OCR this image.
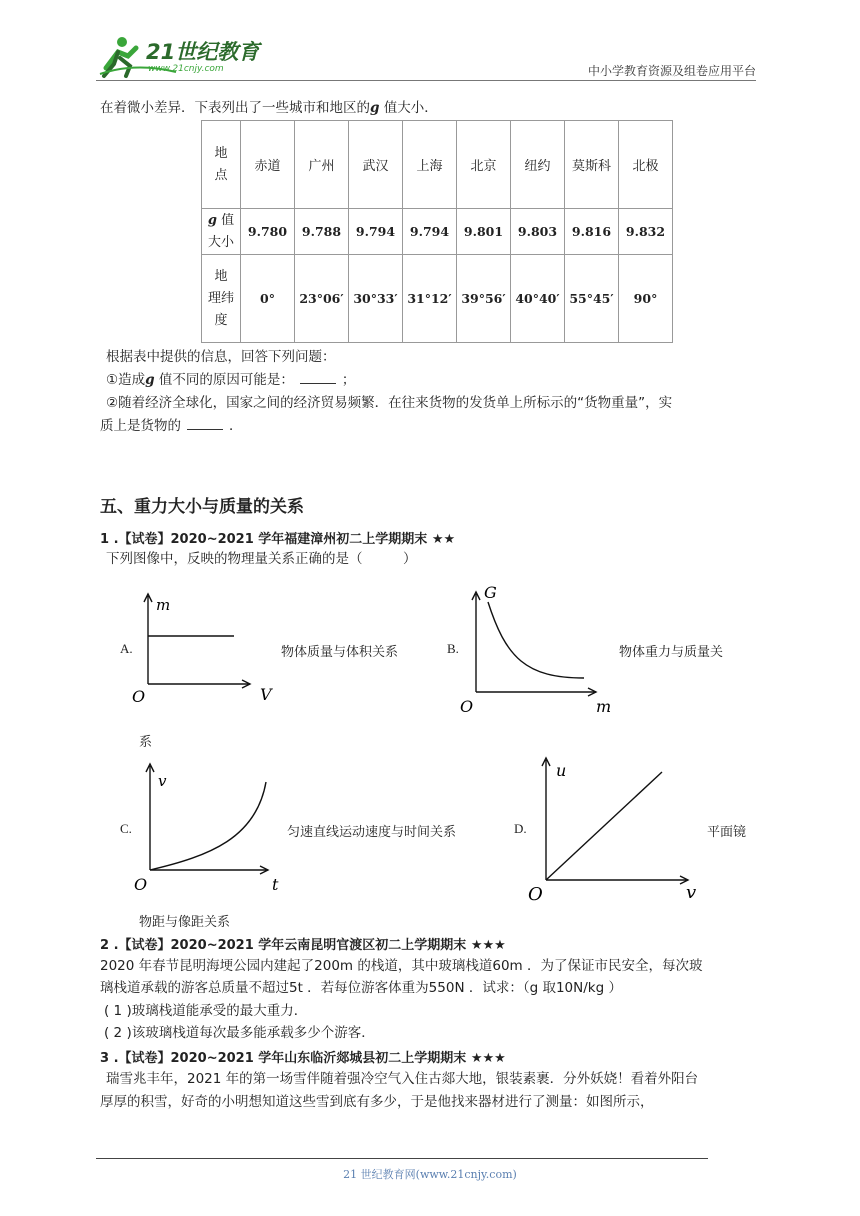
21世纪教育
www.21cnjy.com	中小学教育资源及组卷应用平台
在着微小差异．下表列出了一些城市和地区的g 值大小．
地
点	赤道	广州	武汉	上海	北京	纽约	莫斯科	北极
g 值
大小	9.780	9.788	9.794	9.794	9.801	9.803	9.816	9.832
地
理纬
度	0°	23°06′	30°33′	31°12′	39°56′	40°40′	55°45′	90°
根据表中提供的信息，回答下列问题：
①造成g 值不同的原因可能是：	；
②随着经济全球化，国家之间的经济贸易频繁．在往来货物的发货单上所标示的“货物重量”，实
质上是货物的	．
五、重力大小与质量的关系
1 .【试卷】2020~2021 学年福建漳州初二上学期期末 ★★
下列图像中，反映的物理量关系正确的是（　　　）
A.
m
V
O
物体质量与体积关系	B.
G
m
O
物体重力与质量关
系
C.
v
t
O
匀速直线运动速度与时间关系	D.
u
v
O
平面镜
物距与像距关系
2 .【试卷】2020~2021 学年云南昆明官渡区初二上学期期末 ★★★
2020 年春节昆明海埂公园内建起了200m 的栈道，其中玻璃栈道60m ．为了保证市民安全，每次玻
璃栈道承载的游客总质量不超过5t ．若每位游客体重为550N ．试求：（g 取10N/kg ）
( 1 )玻璃栈道能承受的最大重力．
( 2 )该玻璃栈道每次最多能承载多少个游客．
3 .【试卷】2020~2021 学年山东临沂郯城县初二上学期期末 ★★★
瑞雪兆丰年，2021 年的第一场雪伴随着强冷空气入住古郯大地，银装素裹．分外妖娆！看着外阳台
厚厚的积雪，好奇的小明想知道这些雪到底有多少，于是他找来器材进行了测量：如图所示，
21 世纪教育网(www.21cnjy.com)
